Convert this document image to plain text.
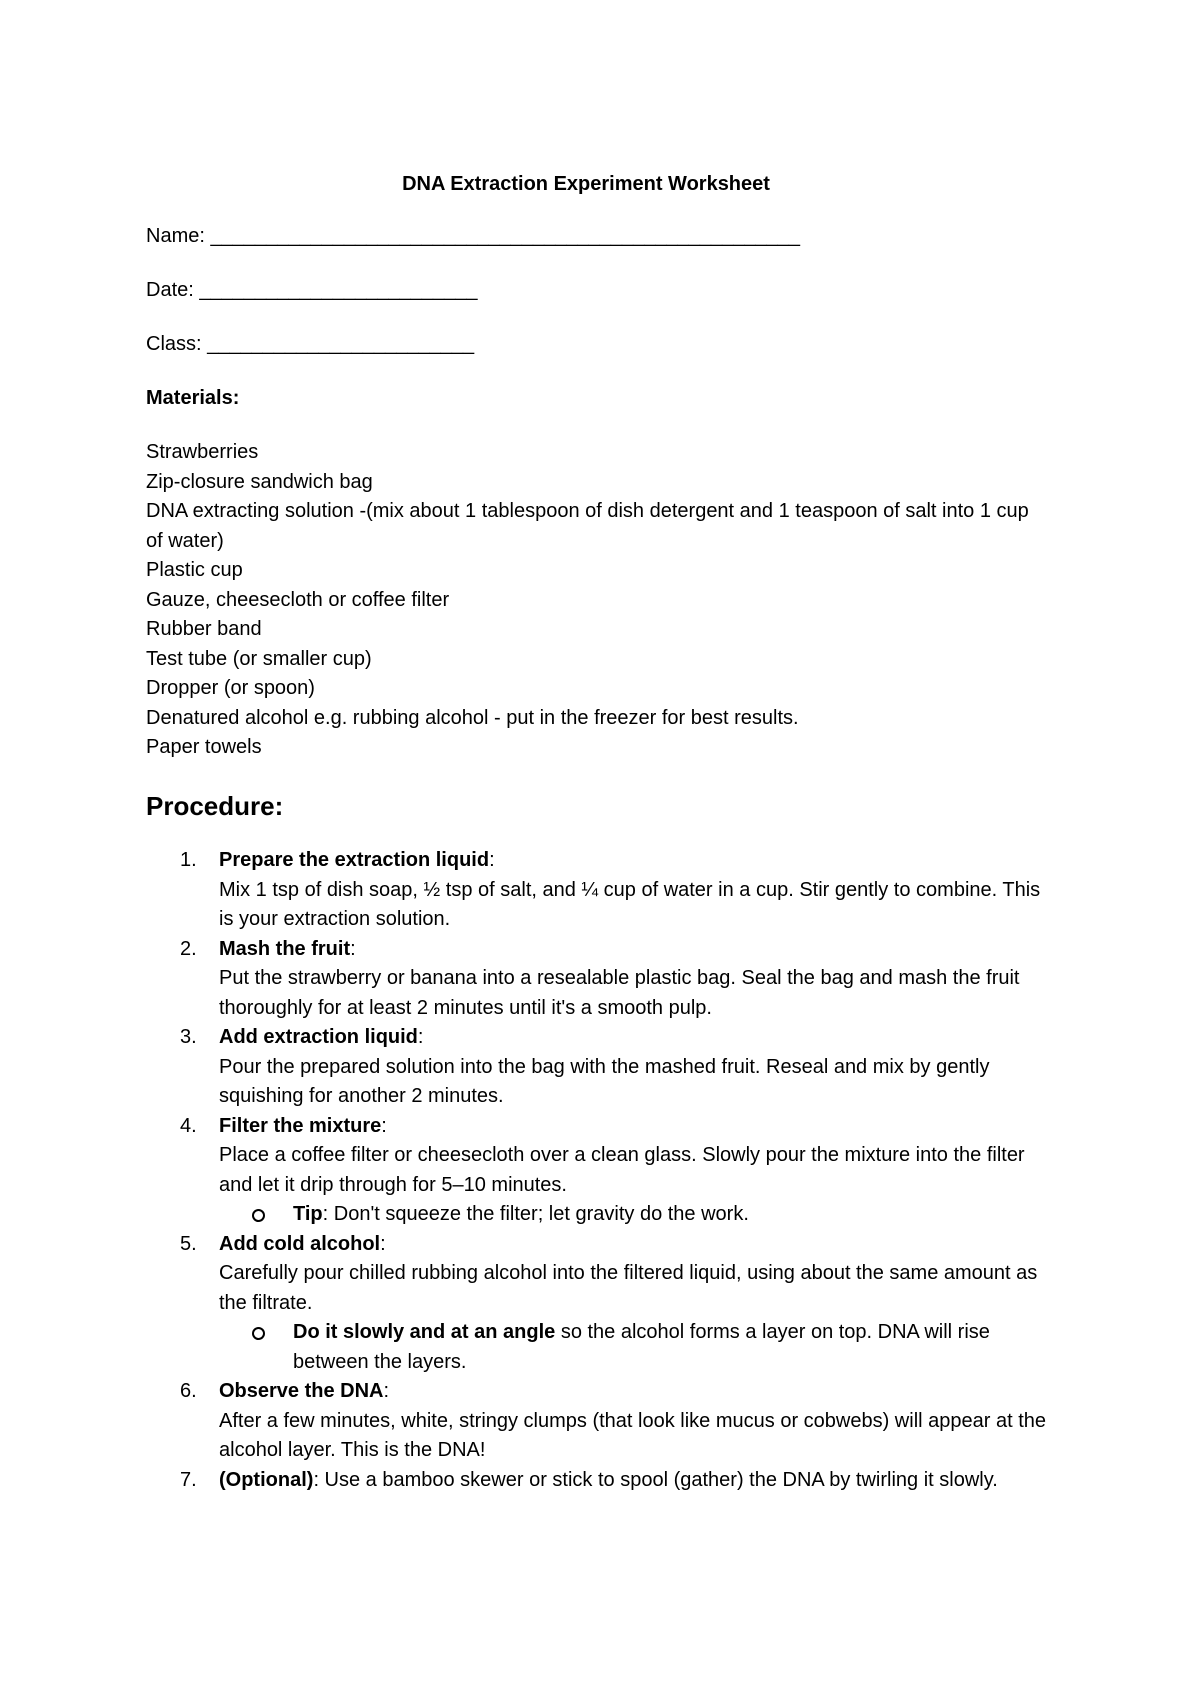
DNA Extraction Experiment Worksheet

Name: _____________________________________________________

Date: _________________________

Class: ________________________

Materials:
Strawberries
Zip-closure sandwich bag
DNA extracting solution -(mix about 1 tablespoon of dish detergent and 1 teaspoon of salt into 1 cup of water)
Plastic cup
Gauze, cheesecloth or coffee filter
Rubber band
Test tube (or smaller cup)
Dropper (or spoon)
Denatured alcohol e.g. rubbing alcohol - put in the freezer for best results.
Paper towels
Procedure:
1. Prepare the extraction liquid:
Mix 1 tsp of dish soap, ½ tsp of salt, and ¼ cup of water in a cup. Stir gently to combine. This is your extraction solution.
2. Mash the fruit:
Put the strawberry or banana into a resealable plastic bag. Seal the bag and mash the fruit thoroughly for at least 2 minutes until it's a smooth pulp.
3. Add extraction liquid:
Pour the prepared solution into the bag with the mashed fruit. Reseal and mix by gently squishing for another 2 minutes.
4. Filter the mixture:
Place a coffee filter or cheesecloth over a clean glass. Slowly pour the mixture into the filter and let it drip through for 5–10 minutes.
Tip: Don't squeeze the filter; let gravity do the work.
5. Add cold alcohol:
Carefully pour chilled rubbing alcohol into the filtered liquid, using about the same amount as the filtrate.
Do it slowly and at an angle so the alcohol forms a layer on top. DNA will rise between the layers.
6. Observe the DNA:
After a few minutes, white, stringy clumps (that look like mucus or cobwebs) will appear at the alcohol layer. This is the DNA!
7. (Optional): Use a bamboo skewer or stick to spool (gather) the DNA by twirling it slowly.
